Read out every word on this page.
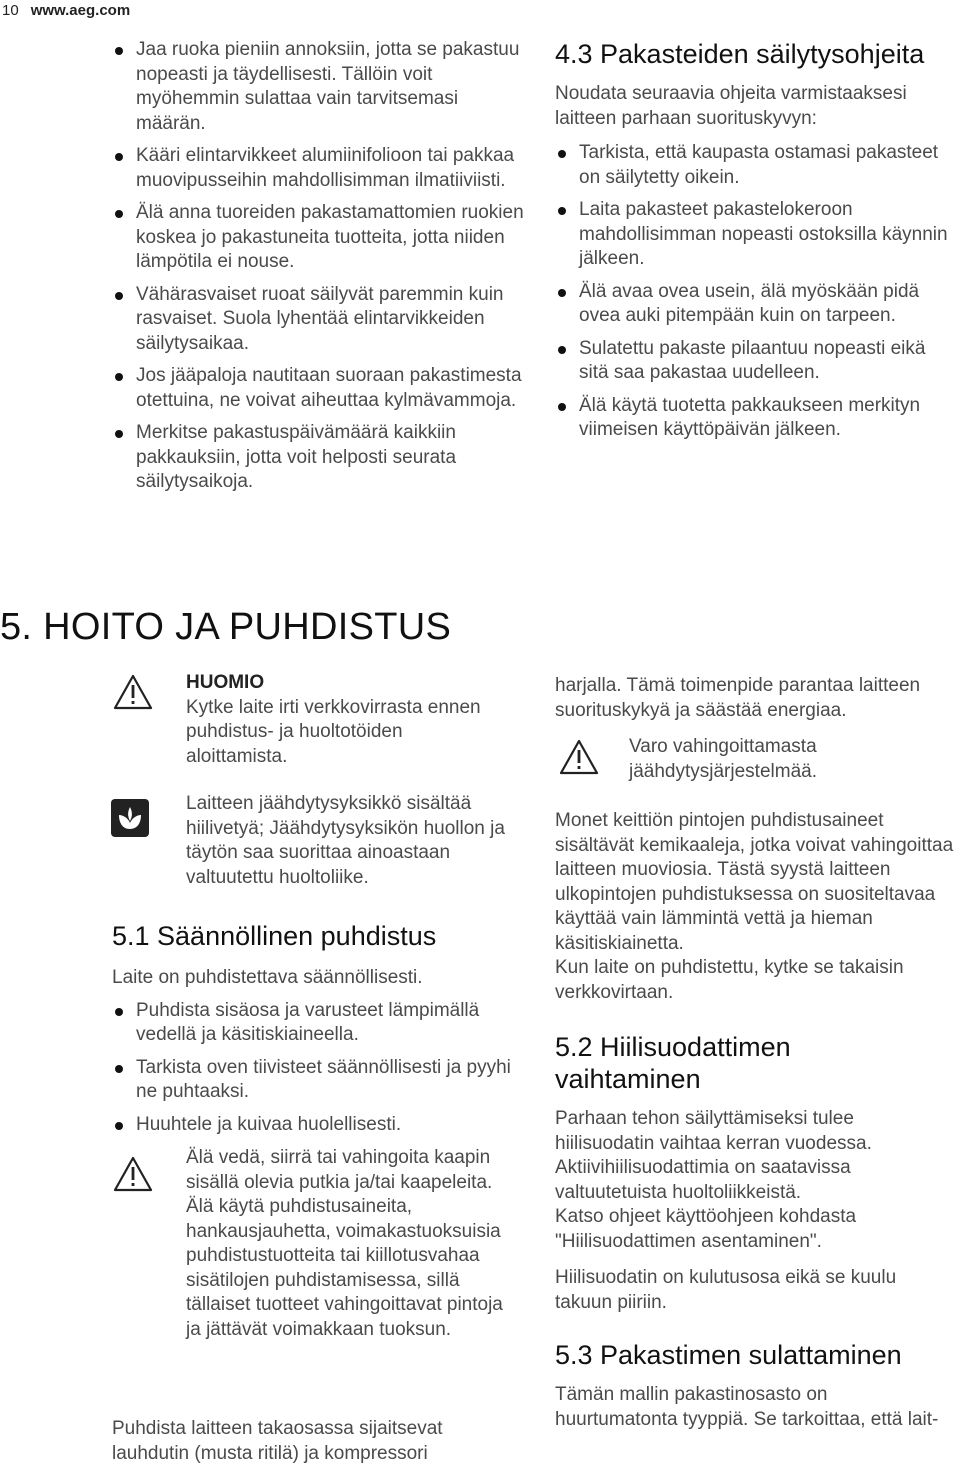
10 www.aeg.com
Jaa ruoka pieniin annoksiin, jotta se pakastuu nopeasti ja täydellisesti. Tällöin voit myöhemmin sulattaa vain tarvitsemasi määrän.
Kääri elintarvikkeet alumiinifolioon tai pakkaa muovipusseihin mahdollisimman ilmatiiviisti.
Älä anna tuoreiden pakastamattomien ruokien koskea jo pakastuneita tuotteita, jotta niiden lämpötila ei nouse.
Vähärasvaiset ruoat säilyvät paremmin kuin rasvaiset. Suola lyhentää elintarvikkeiden säilytysaikaa.
Jos jääpaloja nautitaan suoraan pakastimesta otettuina, ne voivat aiheuttaa kylmävammoja.
Merkitse pakastuspäivämäärä kaikkiin pakkauksiin, jotta voit helposti seurata säilytysaikoja.
4.3 Pakasteiden säilytysohjeita

Noudata seuraavia ohjeita varmistaaksesi laitteen parhaan suorituskyvyn:

Tarkista, että kaupasta ostamasi pakasteet on säilytetty oikein.
Laita pakasteet pakastelokeroon mahdollisimman nopeasti ostoksilla käynnin jälkeen.
Älä avaa ovea usein, älä myöskään pidä ovea auki pitempään kuin on tarpeen.
Sulatettu pakaste pilaantuu nopeasti eikä sitä saa pakastaa uudelleen.
Älä käytä tuotetta pakkaukseen merkityn viimeisen käyttöpäivän jälkeen.
5. HOITO JA PUHDISTUS
HUOMIO
Kytke laite irti verkkovirrasta ennen puhdistus- ja huoltotöiden aloittamista.
Laitteen jäähdytysyksikkö sisältää hiilivetyä; Jäähdytysyksikön huollon ja täytön saa suorittaa ainoastaan valtuutettu huoltoliike.
5.1 Säännöllinen puhdistus

Laite on puhdistettava säännöllisesti.

Puhdista sisäosa ja varusteet lämpimällä vedellä ja käsitiskiaineella.
Tarkista oven tiivisteet säännöllisesti ja pyyhi ne puhtaaksi.
Huuhtele ja kuivaa huolellisesti.
Älä vedä, siirrä tai vahingoita kaapin sisällä olevia putkia ja/tai kaapeleita.
Älä käytä puhdistusaineita, hankausjauhetta, voimakastuoksuisia puhdistustuotteita tai kiillotusvahaa sisätilojen puhdistamisessa, sillä tällaiset tuotteet vahingoittavat pintoja ja jättävät voimakkaan tuoksun.

Puhdista laitteen takaosassa sijaitsevat lauhdutin (musta ritilä) ja kompressori

harjalla. Tämä toimenpide parantaa laitteen suorituskykyä ja säästää energiaa.

Varo vahingoittamasta jäähdytysjärjestelmää.

Monet keittiön pintojen puhdistusaineet sisältävät kemikaaleja, jotka voivat vahingoittaa laitteen muoviosia. Tästä syystä laitteen ulkopintojen puhdistuksessa on suositeltavaa käyttää vain lämmintä vettä ja hieman käsitiskiainetta.

Kun laite on puhdistettu, kytke se takaisin verkkovirtaan.

5.2 Hiilisuodattimen vaihtaminen

Parhaan tehon säilyttämiseksi tulee hiilisuodatin vaihtaa kerran vuodessa.

Aktiivihiilisuodattimia on saatavissa valtuutetuista huoltoliikkeistä.

Katso ohjeet käyttöohjeen kohdasta "Hiilisuodattimen asentaminen".

Hiilisuodatin on kulutusosa eikä se kuulu takuun piiriin.

5.3 Pakastimen sulattaminen

Tämän mallin pakastinosasto on huurtumatonta tyyppiä. Se tarkoittaa, että lait-
